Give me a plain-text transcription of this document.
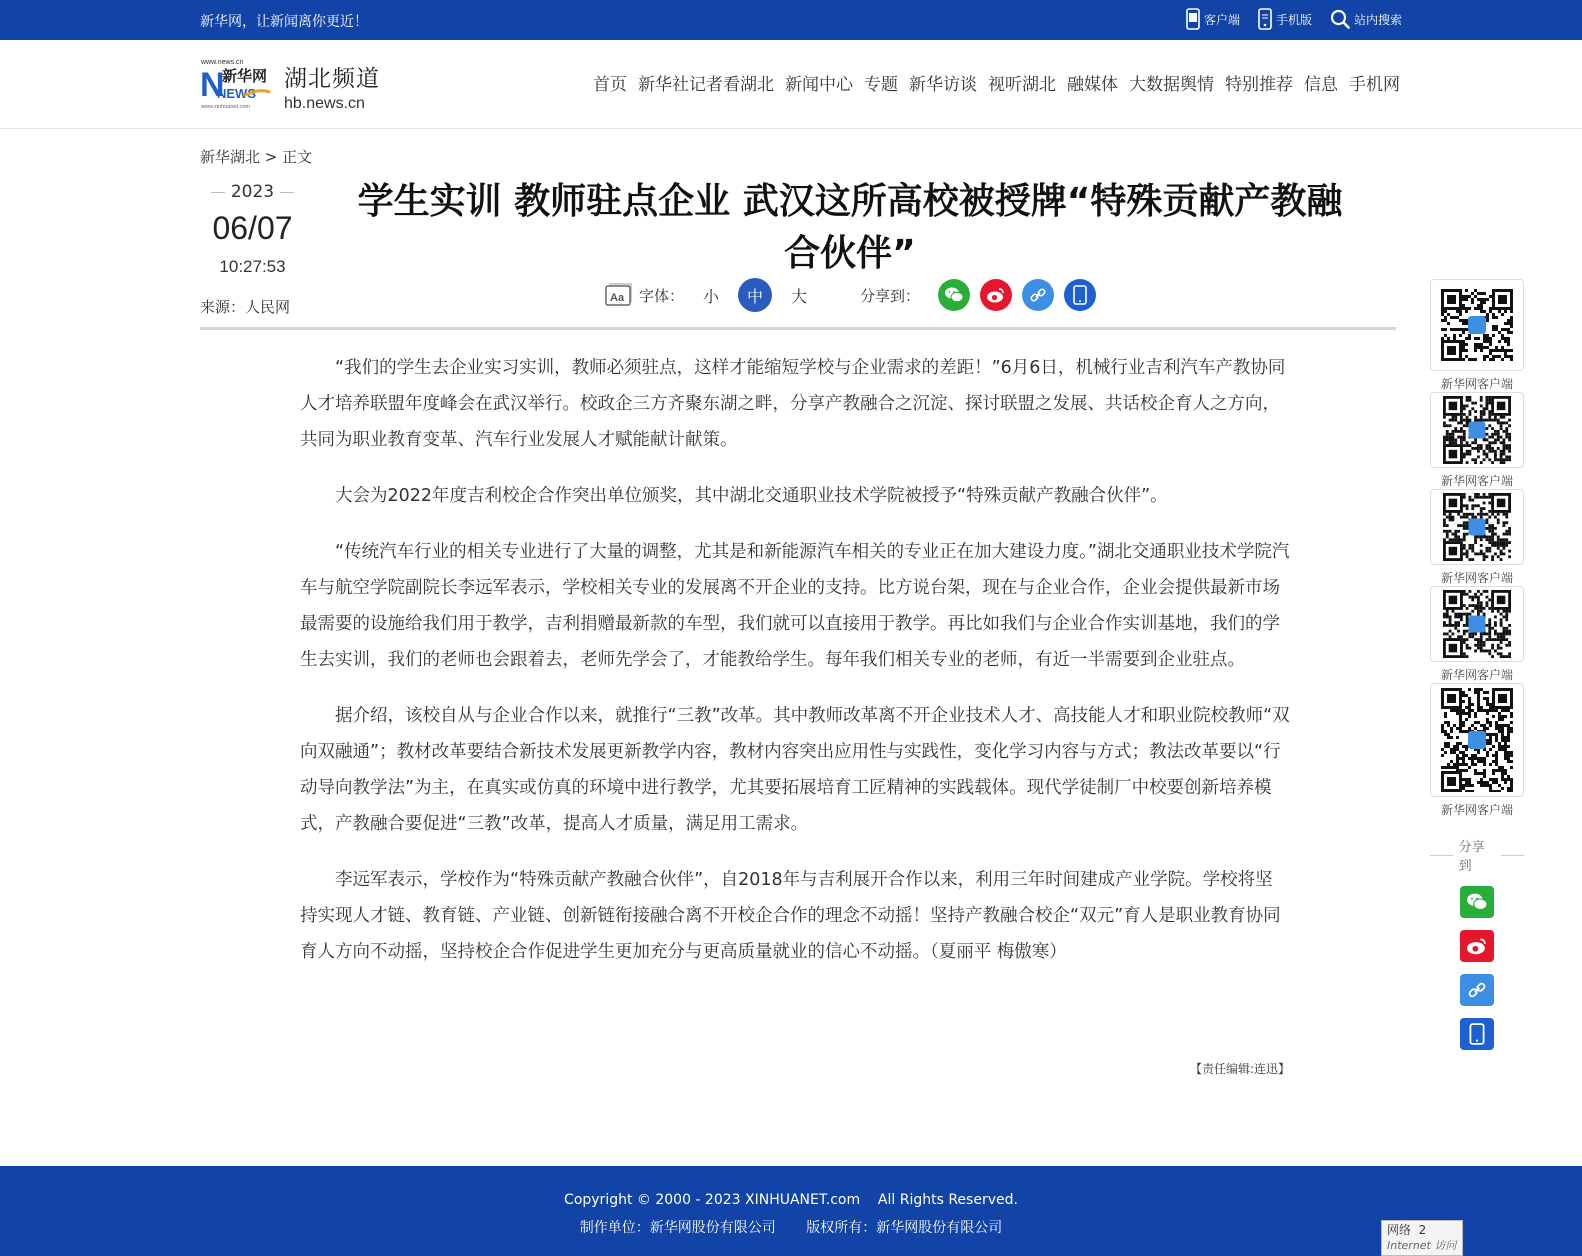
新华网，让新闻离你更近！	客户端	手机版	站内搜索
www.news.cn
N
新华网
NEWS
www.xinhuanet.com
湖北频道
hb.news.cn
首页 新华社记者看湖北 新闻中心 专题 新华访谈 视听湖北 融媒体 大数据舆情 特别推荐 信息 手机网
新华湖北 > 正文
2023
06/07
10:27:53
来源：人民网
学生实训 教师驻点企业 武汉这所高校被授牌“特殊贡献产教融合伙伴”
Aa 字体：	小	中	大	分享到：

“我们的学生去企业实习实训，教师必须驻点，这样才能缩短学校与企业需求的差距！”6月6日，机械行业吉利汽车产教协同人才培养联盟年度峰会在武汉举行。校政企三方齐聚东湖之畔，分享产教融合之沉淀、探讨联盟之发展、共话校企育人之方向，共同为职业教育变革、汽车行业发展人才赋能献计献策。

大会为2022年度吉利校企合作突出单位颁奖，其中湖北交通职业技术学院被授予“特殊贡献产教融合伙伴”。

“传统汽车行业的相关专业进行了大量的调整，尤其是和新能源汽车相关的专业正在加大建设力度。”湖北交通职业技术学院汽车与航空学院副院长李远军表示，学校相关专业的发展离不开企业的支持。比方说台架，现在与企业合作，企业会提供最新市场最需要的设施给我们用于教学，吉利捐赠最新款的车型，我们就可以直接用于教学。再比如我们与企业合作实训基地，我们的学生去实训，我们的老师也会跟着去，老师先学会了，才能教给学生。每年我们相关专业的老师，有近一半需要到企业驻点。

据介绍，该校自从与企业合作以来，就推行“三教”改革。其中教师改革离不开企业技术人才、高技能人才和职业院校教师“双向双融通”；教材改革要结合新技术发展更新教学内容，教材内容突出应用性与实践性，变化学习内容与方式；教法改革要以“行动导向教学法”为主，在真实或仿真的环境中进行教学，尤其要拓展培育工匠精神的实践载体。现代学徒制厂中校要创新培养模式，产教融合要促进“三教”改革，提高人才质量，满足用工需求。

李远军表示，学校作为“特殊贡献产教融合伙伴”，自2018年与吉利展开合作以来，利用三年时间建成产业学院。学校将坚持实现人才链、教育链、产业链、创新链衔接融合离不开校企合作的理念不动摇！坚持产教融合校企“双元”育人是职业教育协同育人方向不动摇，坚持校企合作促进学生更加充分与更高质量就业的信心不动摇。（夏丽平 梅傲寒）

【责任编辑:连迅】
新华网客户端
新华网客户端
新华网客户端
新华网客户端
新华网客户端
分享到
Copyright © 2000 - 2023 XINHUANET.com    All Rights Reserved.
制作单位：新华网股份有限公司 版权所有：新华网股份有限公司	网络  2
Internet 访问
